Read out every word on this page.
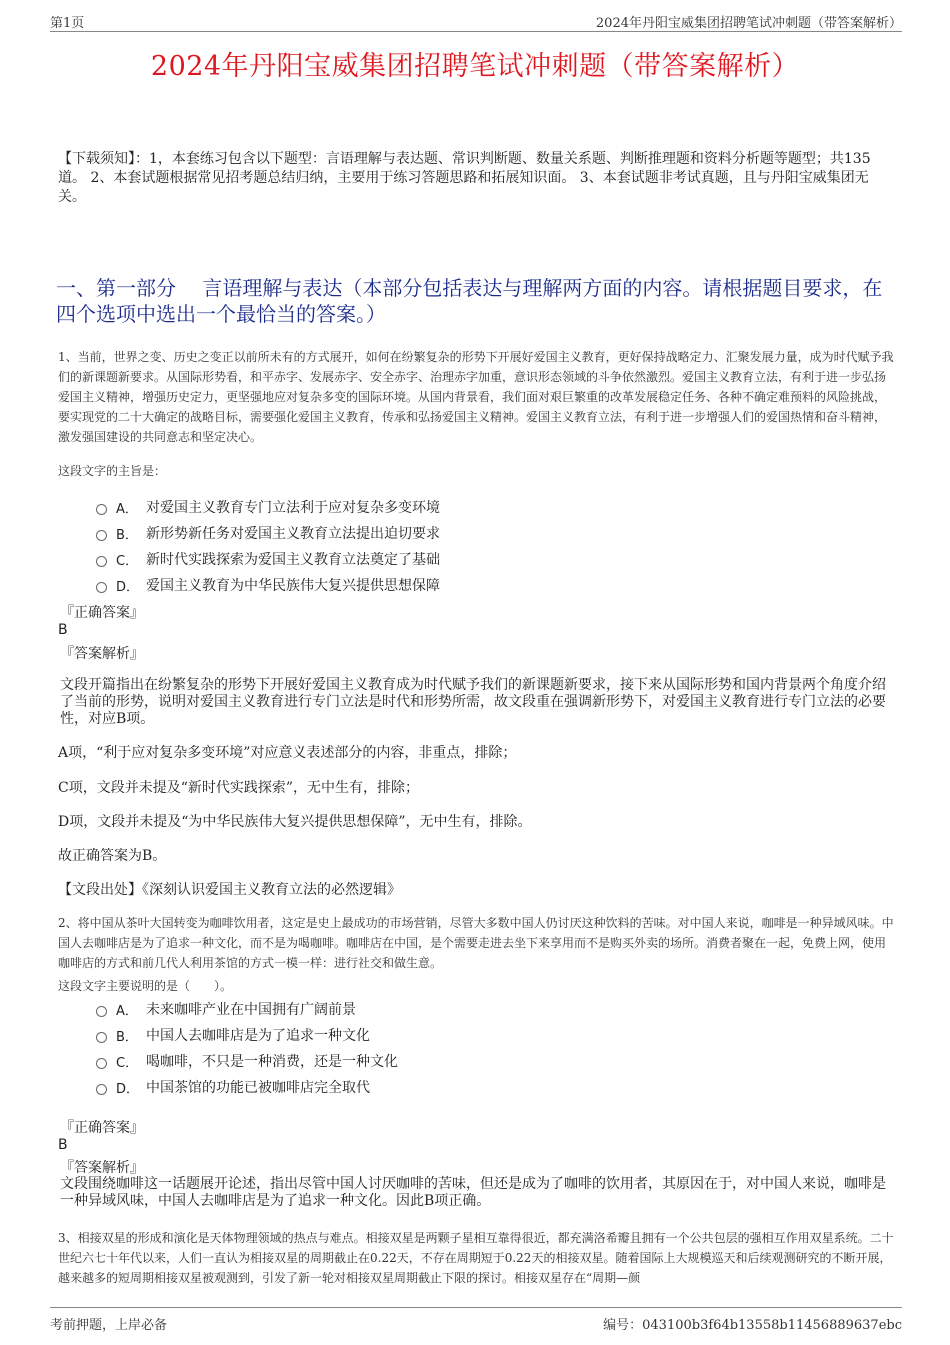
第1页	2024年丹阳宝威集团招聘笔试冲刺题（带答案解析）
2024年丹阳宝威集团招聘笔试冲刺题（带答案解析）
【下载须知】：1，本套练习包含以下题型：言语理解与表达题、常识判断题、数量关系题、判断推理题和资料分析题等题型；共135道。 2、本套试题根据常见招考题总结归纳，主要用于练习答题思路和拓展知识面。 3、本套试题非考试真题，且与丹阳宝威集团无关。
一、第一部分　 言语理解与表达（本部分包括表达与理解两方面的内容。请根据题目要求，在四个选项中选出一个最恰当的答案。）
1、当前，世界之变、历史之变正以前所未有的方式展开，如何在纷繁复杂的形势下开展好爱国主义教育，更好保持战略定力、汇聚发展力量，成为时代赋予我们的新课题新要求。从国际形势看，和平赤字、发展赤字、安全赤字、治理赤字加重，意识形态领域的斗争依然激烈。爱国主义教育立法，有利于进一步弘扬爱国主义精神，增强历史定力，更坚强地应对复杂多变的国际环境。从国内背景看，我们面对艰巨繁重的改革发展稳定任务、各种不确定难预料的风险挑战，要实现党的二十大确定的战略目标，需要强化爱国主义教育，传承和弘扬爱国主义精神。爱国主义教育立法，有利于进一步增强人们的爱国热情和奋斗精神，激发强国建设的共同意志和坚定决心。
这段文字的主旨是：
A． 对爱国主义教育专门立法利于应对复杂多变环境
B． 新形势新任务对爱国主义教育立法提出迫切要求
C． 新时代实践探索为爱国主义教育立法奠定了基础
D． 爱国主义教育为中华民族伟大复兴提供思想保障
『正确答案』
B
『答案解析』
文段开篇指出在纷繁复杂的形势下开展好爱国主义教育成为时代赋予我们的新课题新要求，接下来从国际形势和国内背景两个角度介绍了当前的形势，说明对爱国主义教育进行专门立法是时代和形势所需，故文段重在强调新形势下，对爱国主义教育进行专门立法的必要性，对应B项。
A项，“利于应对复杂多变环境”对应意义表述部分的内容，非重点，排除；
C项，文段并未提及“新时代实践探索”，无中生有，排除；
D项，文段并未提及“为中华民族伟大复兴提供思想保障”，无中生有，排除。
故正确答案为B。
【文段出处】《深刻认识爱国主义教育立法的必然逻辑》
2、将中国从茶叶大国转变为咖啡饮用者，这定是史上最成功的市场营销，尽管大多数中国人仍讨厌这种饮料的苦味。对中国人来说，咖啡是一种异域风味。中国人去咖啡店是为了追求一种文化，而不是为喝咖啡。咖啡店在中国，是个需要走进去坐下来享用而不是购买外卖的场所。消费者聚在一起，免费上网，使用咖啡店的方式和前几代人利用茶馆的方式一模一样：进行社交和做生意。
这段文字主要说明的是（　　）。
A． 未来咖啡产业在中国拥有广阔前景
B． 中国人去咖啡店是为了追求一种文化
C． 喝咖啡，不只是一种消费，还是一种文化
D． 中国茶馆的功能已被咖啡店完全取代
『正确答案』
B
『答案解析』
文段围绕咖啡这一话题展开论述，指出尽管中国人讨厌咖啡的苦味，但还是成为了咖啡的饮用者，其原因在于，对中国人来说，咖啡是一种异域风味，中国人去咖啡店是为了追求一种文化。因此B项正确。
3、相接双星的形成和演化是天体物理领域的热点与难点。相接双星是两颗子星相互靠得很近，都充满洛希瓣且拥有一个公共包层的强相互作用双星系统。二十世纪六七十年代以来，人们一直认为相接双星的周期截止在0.22天，不存在周期短于0.22天的相接双星。随着国际上大规模巡天和后续观测研究的不断开展，越来越多的短周期相接双星被观测到，引发了新一轮对相接双星周期截止下限的探讨。相接双星存在“周期—颜
考前押题，上岸必备	编号：043100b3f64b13558b11456889637ebc
